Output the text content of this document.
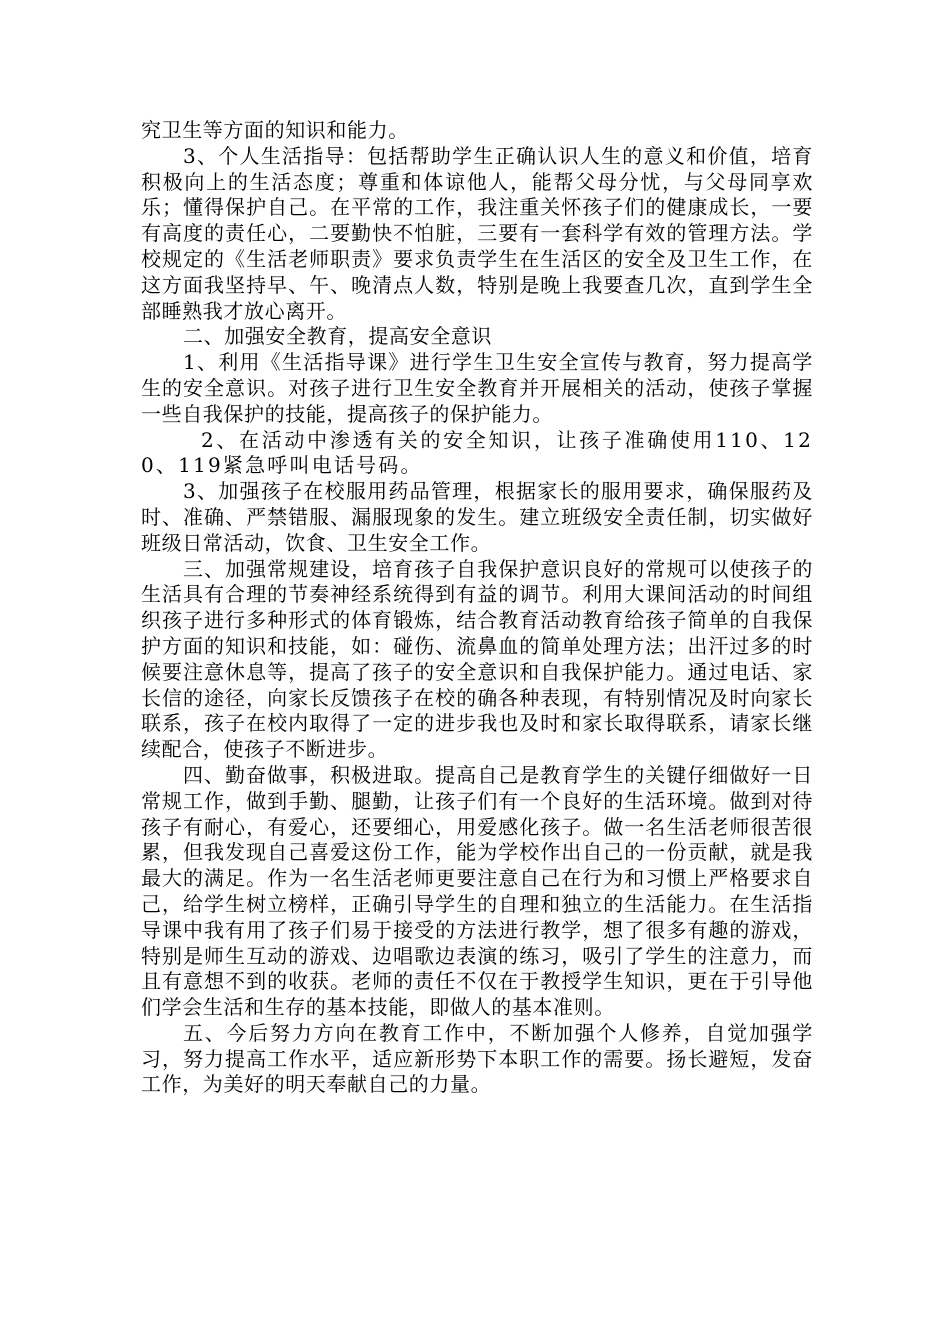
究卫生等方面的知识和能力。

3、个人生活指导：包括帮助学生正确认识人生的意义和价值，培育积极向上的生活态度；尊重和体谅他人，能帮父母分忧，与父母同享欢乐；懂得保护自己。在平常的工作，我注重关怀孩子们的健康成长，一要有高度的责任心，二要勤快不怕脏，三要有一套科学有效的管理方法。学校规定的《生活老师职责》要求负责学生在生活区的安全及卫生工作，在这方面我坚持早、午、晚清点人数，特别是晚上我要查几次，直到学生全部睡熟我才放心离开。

二、加强安全教育，提高安全意识

1、利用《生活指导课》进行学生卫生安全宣传与教育，努力提高学生的安全意识。对孩子进行卫生安全教育并开展相关的活动，使孩子掌握一些自我保护的技能，提高孩子的保护能力。

2、在活动中渗透有关的安全知识，让孩子准确使用110、120、119紧急呼叫电话号码。

3、加强孩子在校服用药品管理，根据家长的服用要求，确保服药及时、准确、严禁错服、漏服现象的发生。建立班级安全责任制，切实做好班级日常活动，饮食、卫生安全工作。

三、加强常规建设，培育孩子自我保护意识良好的常规可以使孩子的生活具有合理的节奏神经系统得到有益的调节。利用大课间活动的时间组织孩子进行多种形式的体育锻炼，结合教育活动教育给孩子简单的自我保护方面的知识和技能，如：碰伤、流鼻血的简单处理方法；出汗过多的时候要注意休息等，提高了孩子的安全意识和自我保护能力。通过电话、家长信的途径，向家长反馈孩子在校的确各种表现，有特别情况及时向家长联系，孩子在校内取得了一定的进步我也及时和家长取得联系，请家长继续配合，使孩子不断进步。

四、勤奋做事，积极进取。提高自己是教育学生的关键仔细做好一日常规工作，做到手勤、腿勤，让孩子们有一个良好的生活环境。做到对待孩子有耐心，有爱心，还要细心，用爱感化孩子。做一名生活老师很苦很累，但我发现自己喜爱这份工作，能为学校作出自己的一份贡献，就是我最大的满足。作为一名生活老师更要注意自己在行为和习惯上严格要求自己，给学生树立榜样，正确引导学生的自理和独立的生活能力。在生活指导课中我有用了孩子们易于接受的方法进行教学，想了很多有趣的游戏，特别是师生互动的游戏、边唱歌边表演的练习，吸引了学生的注意力，而且有意想不到的收获。老师的责任不仅在于教授学生知识，更在于引导他们学会生活和生存的基本技能，即做人的基本准则。

五、今后努力方向在教育工作中，不断加强个人修养，自觉加强学习，努力提高工作水平，适应新形势下本职工作的需要。扬长避短，发奋工作，为美好的明天奉献自己的力量。
